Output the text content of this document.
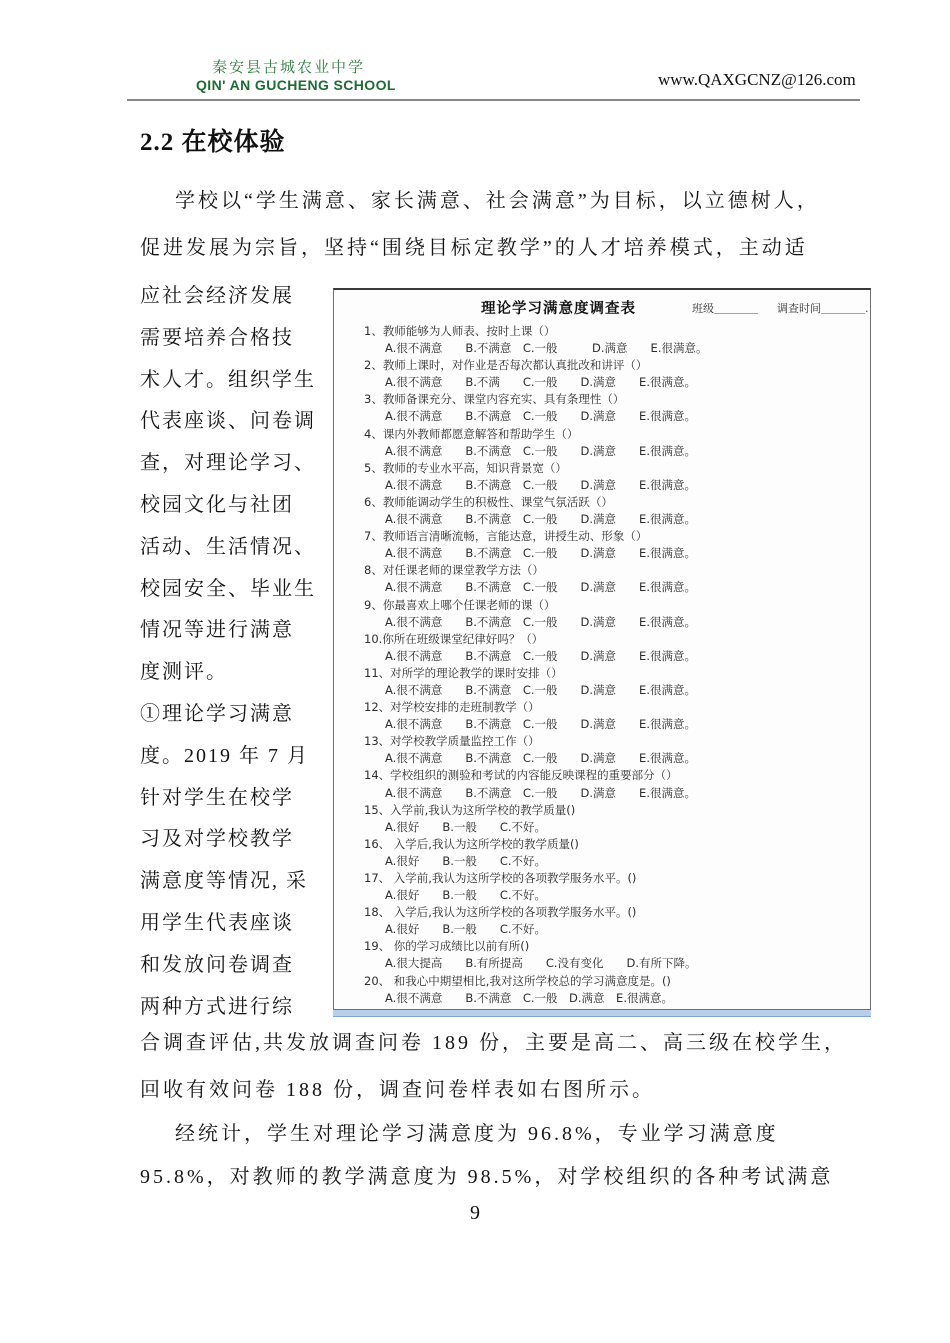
秦安县古城农业中学
QIN' AN GUCHENG SCHOOL	www.QAXGCNZ@126.com
2.2 在校体验
学校以“学生满意、家长满意、社会满意”为目标，以立德树人，
促进发展为宗旨，坚持“围绕目标定教学”的人才培养模式，主动适
应社会经济发展
需要培养合格技
术人才。组织学生
代表座谈、问卷调
查，对理论学习、
校园文化与社团
活动、生活情况、
校园安全、毕业生
情况等进行满意
度测评。
①理论学习满意
度。2019 年 7 月
针对学生在校学
习及对学校教学
满意度等情况, 采
用学生代表座谈
和发放问卷调查
两种方式进行综
理论学习满意度调查表	班级＿＿＿＿ 调查时间＿＿＿＿.
1、教师能够为人师表、按时上课（）
A.很不满意　　B.不满意　C.一般　　　D.满意　　E.很满意。
2、教师上课时，对作业是否每次都认真批改和讲评（）
A.很不满意　　B.不满　　C.一般　　D.满意　　E.很满意。
3、教师备课充分、课堂内容充实、具有条理性（）
A.很不满意　　B.不满意　C.一般　　D.满意　　E.很满意。
4、课内外教师都愿意解答和帮助学生（）
A.很不满意　　B.不满意　C.一般　　D.满意　　E.很满意。
5、教师的专业水平高，知识背景宽（）
A.很不满意　　B.不满意　C.一般　　D.满意　　E.很满意。
6、教师能调动学生的积极性、课堂气氛活跃（）
A.很不满意　　B.不满意　C.一般　　D.满意　　E.很满意。
7、教师语言清晰流畅，言能达意，讲授生动、形象（）
A.很不满意　　B.不满意　C.一般　　D.满意　　E.很满意。
8、对任课老师的课堂教学方法（）
A.很不满意　　B.不满意　C.一般　　D.满意　　E.很满意。
9、你最喜欢上哪个任课老师的课（）
A.很不满意　　B.不满意　C.一般　　D.满意　　E.很满意。
10.你所在班级课堂纪律好吗？（）
A.很不满意　　B.不满意　C.一般　　D.满意　　E.很满意。
11、对所学的理论教学的课时安排（）
A.很不满意　　B.不满意　C.一般　　D.满意　　E.很满意。
12、对学校安排的走班制教学（）
A.很不满意　　B.不满意　C.一般　　D.满意　　E.很满意。
13、对学校教学质量监控工作（）
A.很不满意　　B.不满意　C.一般　　D.满意　　E.很满意。
14、学校组织的测验和考试的内容能反映课程的重要部分（）
A.很不满意　　B.不满意　C.一般　　D.满意　　E.很满意。
15、入学前,我认为这所学校的教学质量()
A.很好　　B.一般　　C.不好。
16、 入学后,我认为这所学校的教学质量()
A.很好　　B.一般　　C.不好。
17、 入学前,我认为这所学校的各项教学服务水平。()
A.很好　　B.一般　　C.不好。
18、 入学后,我认为这所学校的各项教学服务水平。()
A.很好　　B.一般　　C.不好。
19、 你的学习成绩比以前有所()
A.很大提高　　B.有所提高　　C.没有变化　　D.有所下降。
20、 和我心中期望相比,我对这所学校总的学习满意度是。()
A.很不满意　　B.不满意　C.一般　D.满意　E.很满意。
合调查评估,共发放调查问卷 189 份，主要是高二、高三级在校学生，
回收有效问卷 188 份，调查问卷样表如右图所示。
经统计，学生对理论学习满意度为 96.8%，专业学习满意度
95.8%，对教师的教学满意度为 98.5%，对学校组织的各种考试满意
9
